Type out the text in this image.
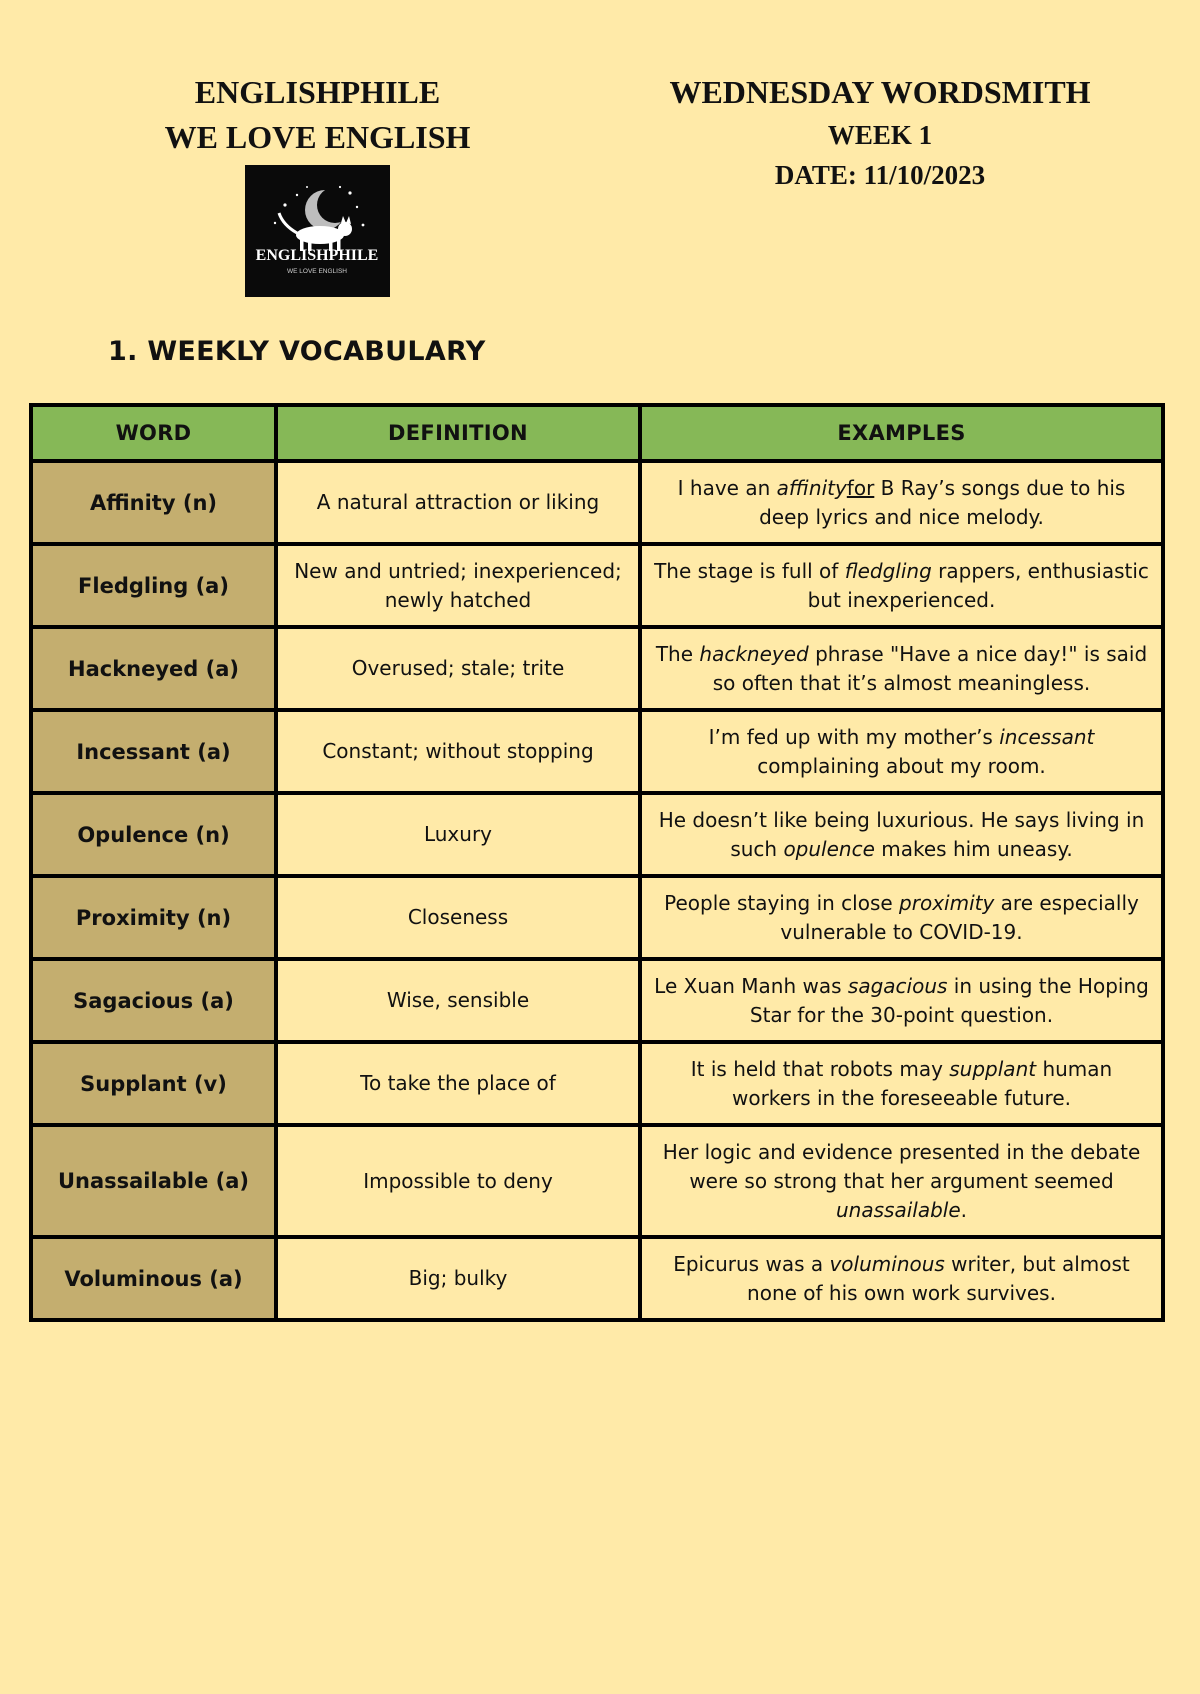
ENGLISHPHILE
WE LOVE ENGLISH
ENGLISHPHILE
WE LOVE ENGLISH
WEDNESDAY WORDSMITH
WEEK 1
DATE: 11/10/2023
1. WEEKLY VOCABULARY
WORD	DEFINITION	EXAMPLES
Affinity (n)	A natural attraction or liking	I have an affinityfor B Ray’s songs due to his deep lyrics and nice melody.
Fledgling (a)	New and untried; inexperienced; newly hatched	The stage is full of fledgling rappers, enthusiastic but inexperienced.
Hackneyed (a)	Overused; stale; trite	The hackneyed phrase "Have a nice day!" is said so often that it’s almost meaningless.
Incessant (a)	Constant; without stopping	I’m fed up with my mother’s incessant complaining about my room.
Opulence (n)	Luxury	He doesn’t like being luxurious. He says living in such opulence makes him uneasy.
Proximity (n)	Closeness	People staying in close proximity are especially vulnerable to COVID-19.
Sagacious (a)	Wise, sensible	Le Xuan Manh was sagacious in using the Hoping Star for the 30-point question.
Supplant (v)	To take the place of	It is held that robots may supplant human workers in the foreseeable future.
Unassailable (a)	Impossible to deny	Her logic and evidence presented in the debate were so strong that her argument seemed unassailable.
Voluminous (a)	Big; bulky	Epicurus was a voluminous writer, but almost none of his own work survives.
